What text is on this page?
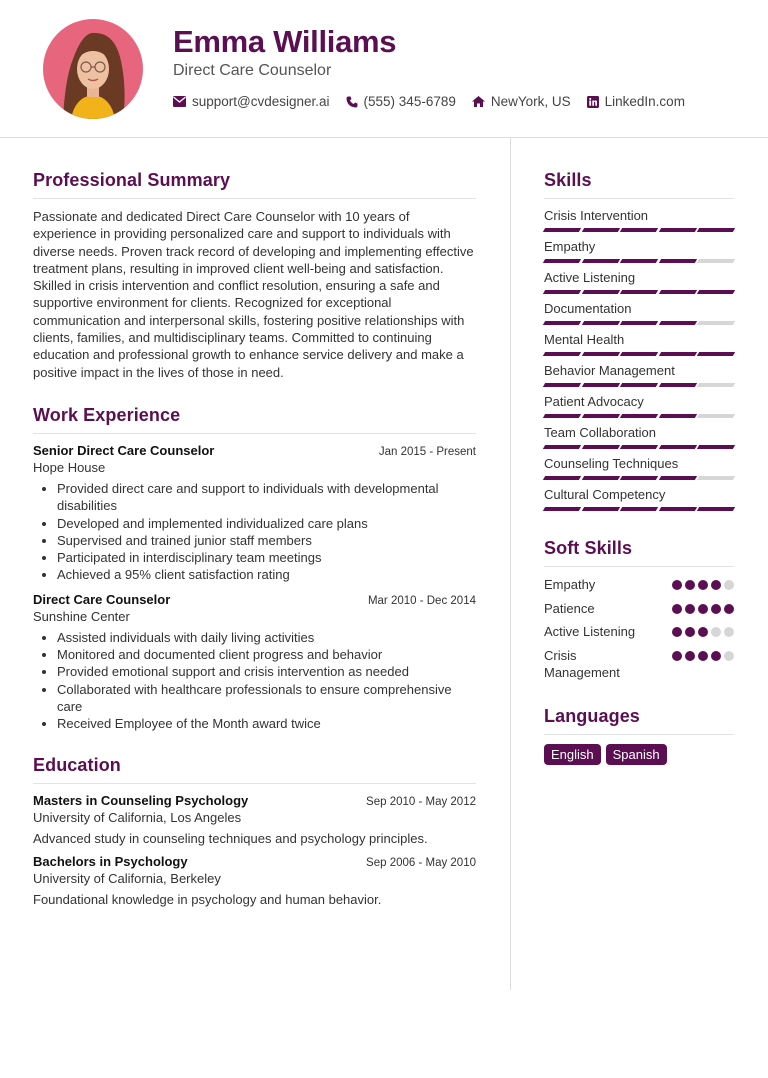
Emma Williams
Direct Care Counselor
support@cvdesigner.ai	(555) 345-6789	NewYork, US	LinkedIn.com
Professional Summary

Passionate and dedicated Direct Care Counselor with 10 years of experience in providing personalized care and support to individuals with diverse needs. Proven track record of developing and implementing effective treatment plans, resulting in improved client well-being and satisfaction. Skilled in crisis intervention and conflict resolution, ensuring a safe and supportive environment for clients. Recognized for exceptional communication and interpersonal skills, fostering positive relationships with clients, families, and multidisciplinary teams. Committed to continuing education and professional growth to enhance service delivery and make a positive impact in the lives of those in need.

Work Experience
Senior Direct Care Counselor	Jan 2015 - Present
Hope House
• Provided direct care and support to individuals with developmental disabilities
• Developed and implemented individualized care plans
• Supervised and trained junior staff members
• Participated in interdisciplinary team meetings
• Achieved a 95% client satisfaction rating
Direct Care Counselor	Mar 2010 - Dec 2014
Sunshine Center
• Assisted individuals with daily living activities
• Monitored and documented client progress and behavior
• Provided emotional support and crisis intervention as needed
• Collaborated with healthcare professionals to ensure comprehensive care
• Received Employee of the Month award twice
Education
Masters in Counseling Psychology	Sep 2010 - May 2012
University of California, Los Angeles
Advanced study in counseling techniques and psychology principles.
Bachelors in Psychology	Sep 2006 - May 2010
University of California, Berkeley
Foundational knowledge in psychology and human behavior.
Skills
Crisis Intervention
Empathy
Active Listening
Documentation
Mental Health
Behavior Management
Patient Advocacy
Team Collaboration
Counseling Techniques
Cultural Competency
Soft Skills
Empathy
Patience
Active Listening
Crisis Management
Languages
English	Spanish
